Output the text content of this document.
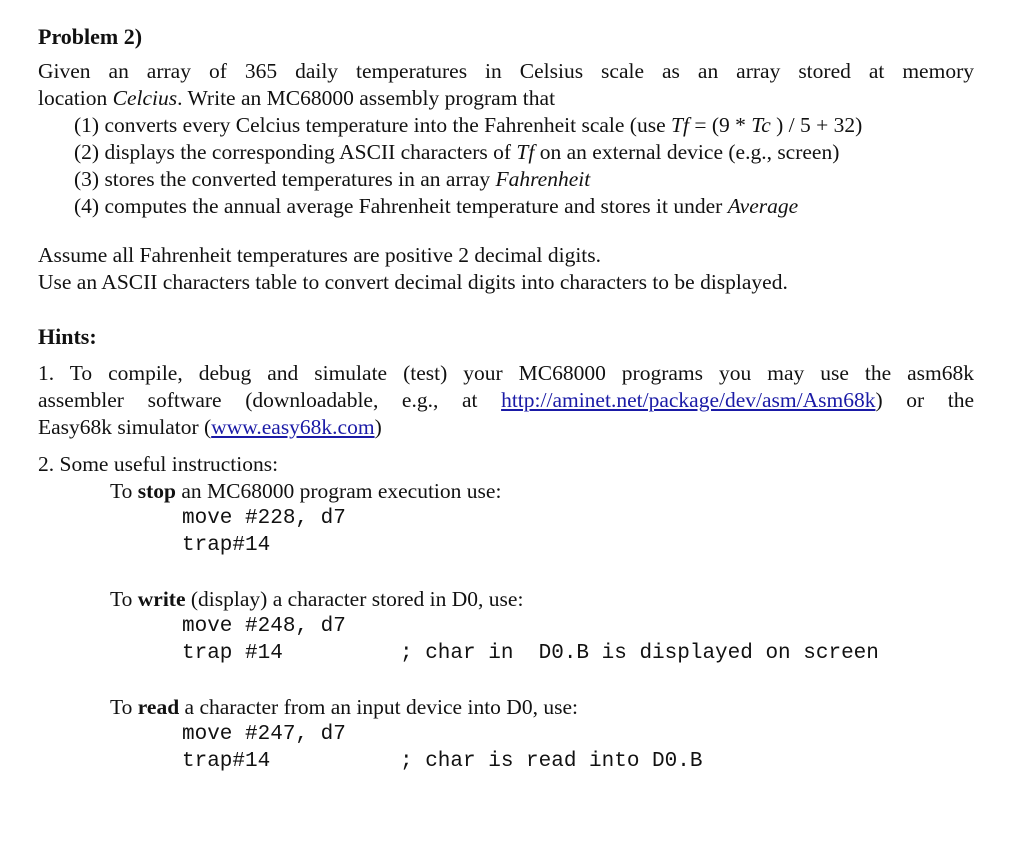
Problem 2)

Given an array of 365 daily temperatures in Celsius scale as an array stored at memory

location Celcius. Write an MC68000 assembly program that

(1) converts every Celcius temperature into the Fahrenheit scale (use Tf = (9 * Tc ) / 5 + 32)

(2) displays the corresponding ASCII characters of Tf on an external device (e.g., screen)

(3) stores the converted temperatures in an array Fahrenheit

(4) computes the annual average Fahrenheit temperature and stores it under Average

Assume all Fahrenheit temperatures are positive 2 decimal digits.

Use an ASCII characters table to convert decimal digits into characters to be displayed.

Hints:

1. To compile, debug and simulate (test) your MC68000 programs you may use the asm68k

assembler software (downloadable, e.g., at http://aminet.net/package/dev/asm/Asm68k) or the

Easy68k simulator (www.easy68k.com)

2. Some useful instructions:

To stop an MC68000 program execution use:

move #228, d7
trap#14

To write (display) a character stored in D0, use:

move #248, d7
trap #14	; char in  D0.B is displayed on screen

To read a character from an input device into D0, use:

move #247, d7
trap#14	; char is read into D0.B
